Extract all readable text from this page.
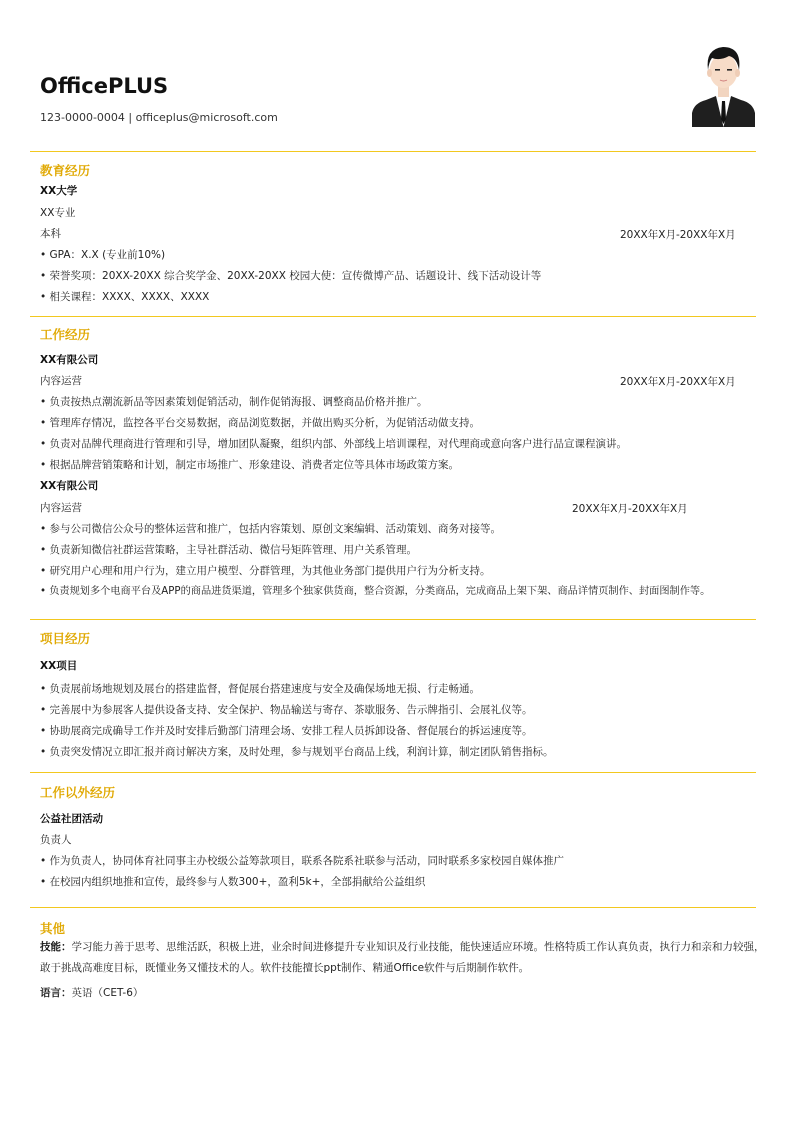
OfficePLUS
123-0000-0004 | officeplus@microsoft.com
教育经历
XX大学
XX专业
本科	20XX年X月-20XX年X月
• GPA：X.X (专业前10%)
• 荣誉奖项：20XX-20XX 综合奖学金、20XX-20XX 校园大使：宣传微博产品、话题设计、线下活动设计等
• 相关课程：XXXX、XXXX、XXXX
工作经历
XX有限公司
内容运营	20XX年X月-20XX年X月
• 负责按热点潮流新品等因素策划促销活动，制作促销海报、调整商品价格并推广。
• 管理库存情况，监控各平台交易数据，商品浏览数据，并做出购买分析，为促销活动做支持。
• 负责对品牌代理商进行管理和引导，增加团队凝聚，组织内部、外部线上培训课程，对代理商或意向客户进行品宣课程演讲。
• 根据品牌营销策略和计划，制定市场推广、形象建设、消费者定位等具体市场政策方案。
XX有限公司
内容运营	20XX年X月-20XX年X月
• 参与公司微信公众号的整体运营和推广，包括内容策划、原创文案编辑、活动策划、商务对接等。
• 负责新知微信社群运营策略，主导社群活动、微信号矩阵管理、用户关系管理。
• 研究用户心理和用户行为，建立用户模型、分群管理，为其他业务部门提供用户行为分析支持。
• 负责规划多个电商平台及APP的商品进货渠道，管理多个独家供货商，整合资源，分类商品，完成商品上架下架、商品详情页制作、封面图制作等。
项目经历
XX项目
• 负责展前场地规划及展台的搭建监督，督促展台搭建速度与安全及确保场地无损、行走畅通。
• 完善展中为参展客人提供设备支持、安全保护、物品输送与寄存、茶歇服务、告示牌指引、会展礼仪等。
• 协助展商完成确导工作并及时安排后勤部门清理会场、安排工程人员拆卸设备、督促展台的拆运速度等。
• 负责突发情况立即汇报并商讨解决方案，及时处理，参与规划平台商品上线，利润计算，制定团队销售指标。
工作以外经历
公益社团活动
负责人
• 作为负责人，协同体育社同事主办校级公益筹款项目，联系各院系社联参与活动，同时联系多家校园自媒体推广
• 在校园内组织地推和宣传，最终参与人数300+，盈利5k+，全部捐献给公益组织
其他
技能：学习能力善于思考、思维活跃，积极上进，业余时间进修提升专业知识及行业技能，能快速适应环境。性格特质工作认真负责，执行力和亲和力较强，敢于挑战高难度目标，既懂业务又懂技术的人。软件技能擅长ppt制作、精通Office软件与后期制作软件。
语言：英语（CET-6）
